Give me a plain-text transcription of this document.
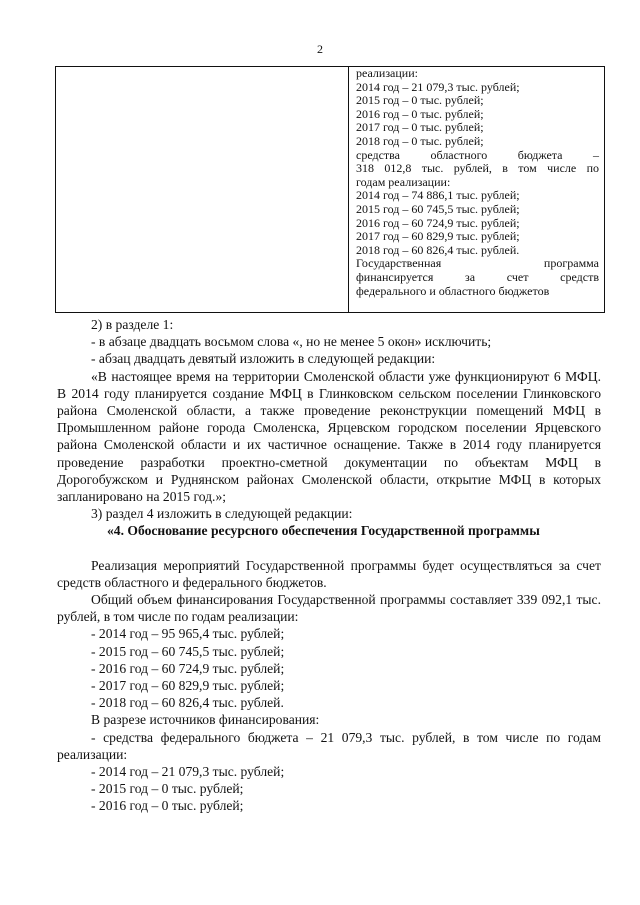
2
реализации:
2014 год – 21 079,3 тыс. рублей;
2015 год – 0 тыс. рублей;
2016 год – 0 тыс. рублей;
2017 год – 0 тыс. рублей;
2018 год – 0 тыс. рублей;
средства областного бюджета –
318 012,8 тыс. рублей, в том числе по
годам реализации:
2014 год – 74 886,1 тыс. рублей;
2015 год – 60 745,5 тыс. рублей;
2016 год – 60 724,9 тыс. рублей;
2017 год – 60 829,9 тыс. рублей;
2018 год – 60 826,4 тыс. рублей.
Государственная программа
финансируется за счет средств
федерального и областного бюджетов

2) в разделе 1:

- в абзаце двадцать восьмом слова «, но не менее 5 окон» исключить;

- абзац двадцать девятый изложить в следующей редакции:

«В настоящее время на территории Смоленской области уже функционируют 6 МФЦ. В 2014 году планируется создание МФЦ в Глинковском сельском поселении Глинковского района Смоленской области, а также проведение реконструкции помещений МФЦ в Промышленном районе города Смоленска, Ярцевском городском поселении Ярцевского района Смоленской области и их частичное оснащение. Также в 2014 году планируется проведение разработки проектно-сметной документации по объектам МФЦ в Дорогобужском и Руднянском районах Смоленской области, открытие МФЦ в которых запланировано на 2015 год.»;

3) раздел 4 изложить в следующей редакции:

«4. Обоснование ресурсного обеспечения Государственной программы

Реализация мероприятий Государственной программы будет осуществляться за счет средств областного и федерального бюджетов.

Общий объем финансирования Государственной программы составляет 339 092,1 тыс. рублей, в том числе по годам реализации:

- 2014 год – 95 965,4 тыс. рублей;

- 2015 год – 60 745,5 тыс. рублей;

- 2016 год – 60 724,9 тыс. рублей;

- 2017 год – 60 829,9 тыс. рублей;

- 2018 год – 60 826,4 тыс. рублей.

В разрезе источников финансирования:

- средства федерального бюджета – 21 079,3 тыс. рублей, в том числе по годам реализации:

- 2014 год – 21 079,3 тыс. рублей;

- 2015 год – 0 тыс. рублей;

- 2016 год – 0 тыс. рублей;
